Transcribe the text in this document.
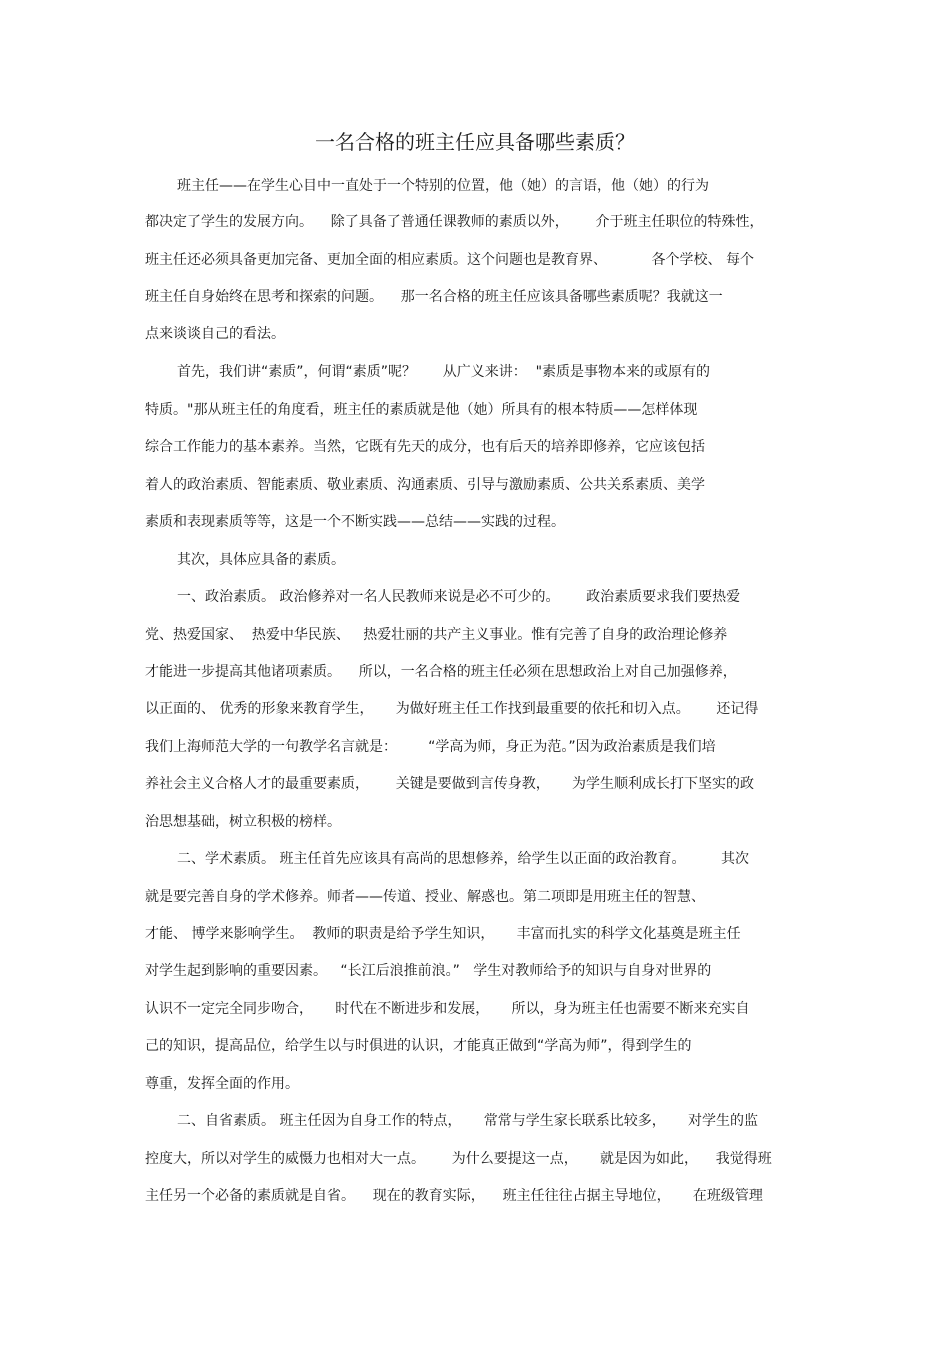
一名合格的班主任应具备哪些素质？
班主任——在学生心目中一直处于一个特别的位置，他（她）的言语，他（她）的行为
都决定了学生的发展方向。    除了具备了普通任课教师的素质以外，      介于班主任职位的特殊性，
班主任还必须具备更加完备、更加全面的相应素质。这个问题也是教育界、          各个学校、 每个
班主任自身始终在思考和探索的问题。    那一名合格的班主任应该具备哪些素质呢？我就这一
点来谈谈自己的看法。
首先，我们讲“素质”，何谓“素质”呢？      从广义来讲：  "素质是事物本来的或原有的
特质。"那从班主任的角度看，班主任的素质就是他（她）所具有的根本特质——怎样体现
综合工作能力的基本素养。当然，它既有先天的成分，也有后天的培养即修养，它应该包括
着人的政治素质、智能素质、敬业素质、沟通素质、引导与激励素质、公共关系素质、美学
素质和表现素质等等，这是一个不断实践——总结——实践的过程。
其次，具体应具备的素质。
一、政治素质。 政治修养对一名人民教师来说是必不可少的。      政治素质要求我们要热爱
党、热爱国家、  热爱中华民族、   热爱壮丽的共产主义事业。惟有完善了自身的政治理论修养
才能进一步提高其他诸项素质。    所以，一名合格的班主任必须在思想政治上对自己加强修养，
以正面的、 优秀的形象来教育学生，     为做好班主任工作找到最重要的依托和切入点。      还记得
我们上海师范大学的一句教学名言就是：       “学高为师，身正为范。”因为政治素质是我们培
养社会主义合格人才的最重要素质，      关键是要做到言传身教，     为学生顺利成长打下坚实的政
治思想基础，树立积极的榜样。
二、学术素质。 班主任首先应该具有高尚的思想修养，给学生以正面的政治教育。        其次
就是要完善自身的学术修养。师者——传道、授业、解惑也。第二项即是用班主任的智慧、
才能、 博学来影响学生。  教师的职责是给予学生知识，     丰富而扎实的科学文化基奠是班主任
对学生起到影响的重要因素。   “长江后浪推前浪。”   学生对教师给予的知识与自身对世界的
认识不一定完全同步吻合，     时代在不断进步和发展，     所以，身为班主任也需要不断来充实自
己的知识，提高品位，给学生以与时俱进的认识，才能真正做到“学高为师”，得到学生的
尊重，发挥全面的作用。
二、自省素质。 班主任因为自身工作的特点，     常常与学生家长联系比较多，     对学生的监
控度大，所以对学生的威慑力也相对大一点。      为什么要提这一点，     就是因为如此，    我觉得班
主任另一个必备的素质就是自省。    现在的教育实际，    班主任往往占据主导地位，     在班级管理
